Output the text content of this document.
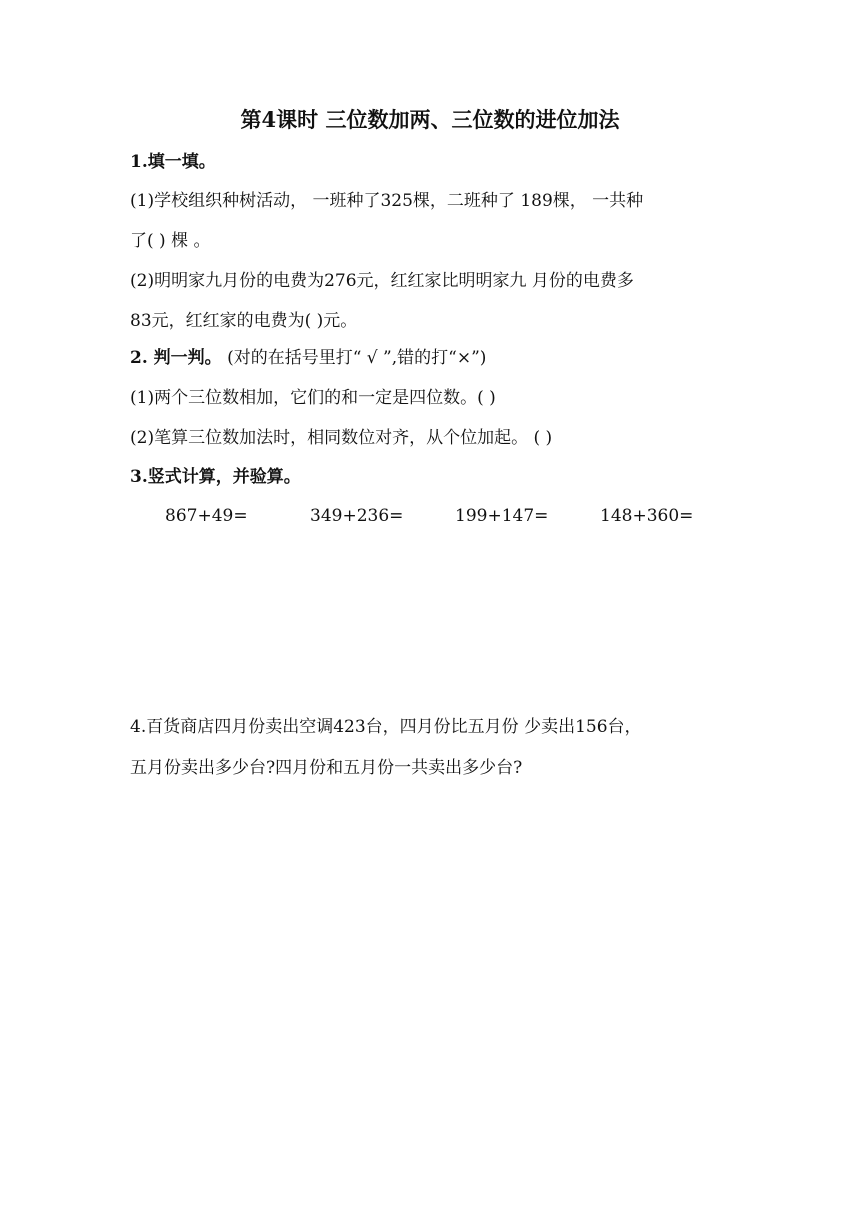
第4课时 三位数加两、三位数的进位加法
1.填一填。
(1)学校组织种树活动， 一班种了325棵，二班种了 189棵， 一共种
了( ) 棵 。
(2)明明家九月份的电费为276元，红红家比明明家九 月份的电费多
83元，红红家的电费为( )元。
2. 判一判。 (对的在括号里打“ √ ”,错的打“×”)
(1)两个三位数相加，它们的和一定是四位数。( )
(2)笔算三位数加法时，相同数位对齐，从个位加起。 ( )
3.竖式计算，并验算。
867+49=	349+236=	199+147=	148+360=
4.百货商店四月份卖出空调423台，四月份比五月份 少卖出156台，
五月份卖出多少台?四月份和五月份一共卖出多少台?
